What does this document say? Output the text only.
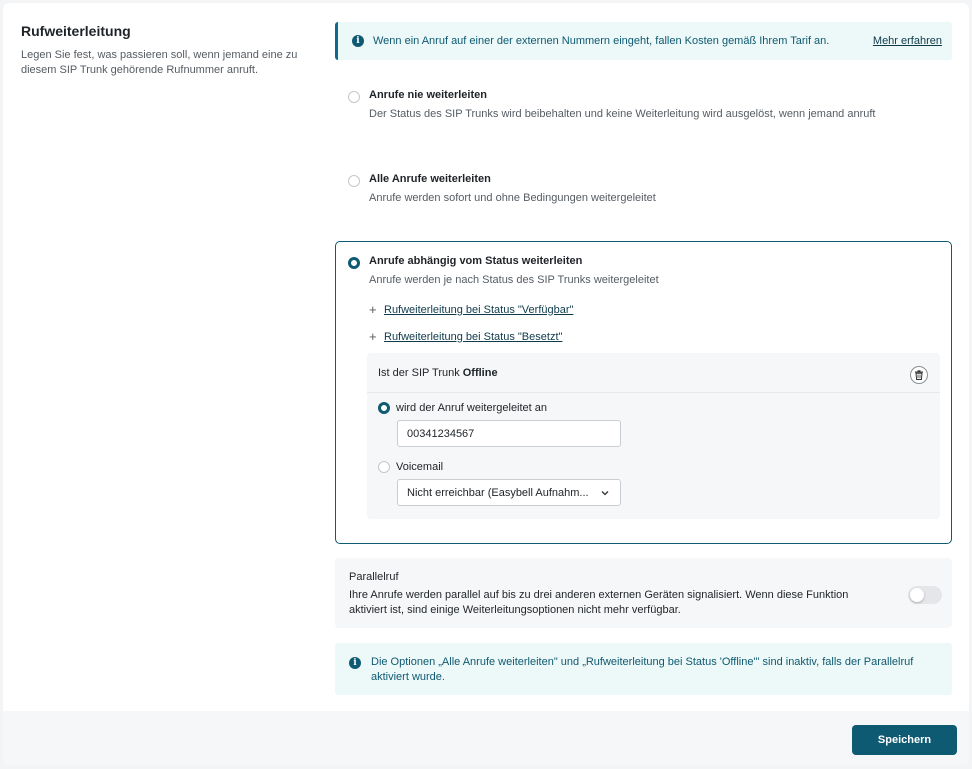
Rufweiterleitung

Legen Sie fest, was passieren soll, wenn jemand eine zu diesem SIP Trunk gehörende Rufnummer anruft.

i	Wenn ein Anruf auf einer der externen Nummern eingeht, fallen Kosten gemäß Ihrem Tarif an.	Mehr erfahren
Anrufe nie weiterleiten
Der Status des SIP Trunks wird beibehalten und keine Weiterleitung wird ausgelöst, wenn jemand anruft
Alle Anrufe weiterleiten
Anrufe werden sofort und ohne Bedingungen weitergeleitet
Anrufe abhängig vom Status weiterleiten
Anrufe werden je nach Status des SIP Trunks weitergeleitet
+ Rufweiterleitung bei Status "Verfügbar"
+ Rufweiterleitung bei Status "Besetzt"
Ist der SIP Trunk Offline
wird der Anruf weitergeleitet an
00341234567
Voicemail
Nicht erreichbar (Easybell Aufnahm...
Parallelruf
Ihre Anrufe werden parallel auf bis zu drei anderen externen Geräten signalisiert. Wenn diese Funktion aktiviert ist, sind einige Weiterleitungsoptionen nicht mehr verfügbar.
i	Die Optionen „Alle Anrufe weiterleiten" und „Rufweiterleitung bei Status 'Offline'" sind inaktiv, falls der Parallelruf aktiviert wurde.
Speichern
